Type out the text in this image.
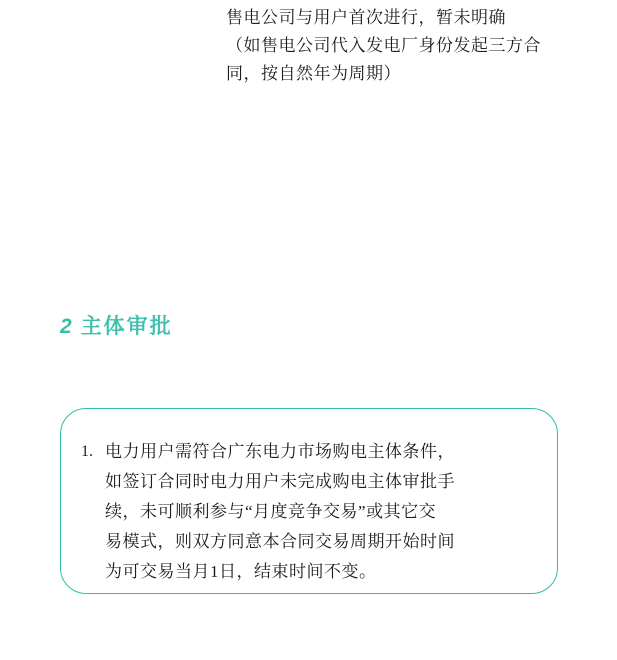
售电公司与用户首次进行，暂未明确
（如售电公司代入发电厂身份发起三方合
同，按自然年为周期）
2 主体审批
1. 电力用户需符合广东电力市场购电主体条件，
如签订合同时电力用户未完成购电主体审批手
续，未可顺利参与“月度竞争交易”或其它交
易模式，则双方同意本合同交易周期开始时间
为可交易当月1日，结束时间不变。
